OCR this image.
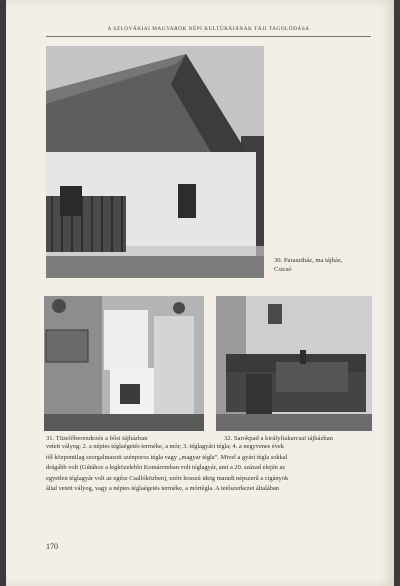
A SZLOVÁKIAI MAGYAROK NÉPI KULTÚRÁJÁNAK TÁJI TAGOLÓDÁSA
30. Parasztház, ma tájház,
Csicsó
31. Tüzelőberendezés a bősi tájházban	32. Sarokpad a királyfiakarcsai tájházban
vetett vályog; 2. a népies téglaégetés terméke, a mór; 3. téglagyári tégla; 4. a negyvenes évek
től központilag szorgalmazott szénporos tégla vagy „magyar tégla”. Mivel a gyári tégla sokkal
drágább volt (Gútához a legközelebbi Komáromban volt téglagyár, ami a 20. század elején az
egyetlen téglagyár volt az egész Csallóközben), ezért hosszú ideig maradt népszerű a cigányok
által vetett vályog, vagy a népies téglaégetés terméke, a mórtégla. A tetőszerkezet általában
170
